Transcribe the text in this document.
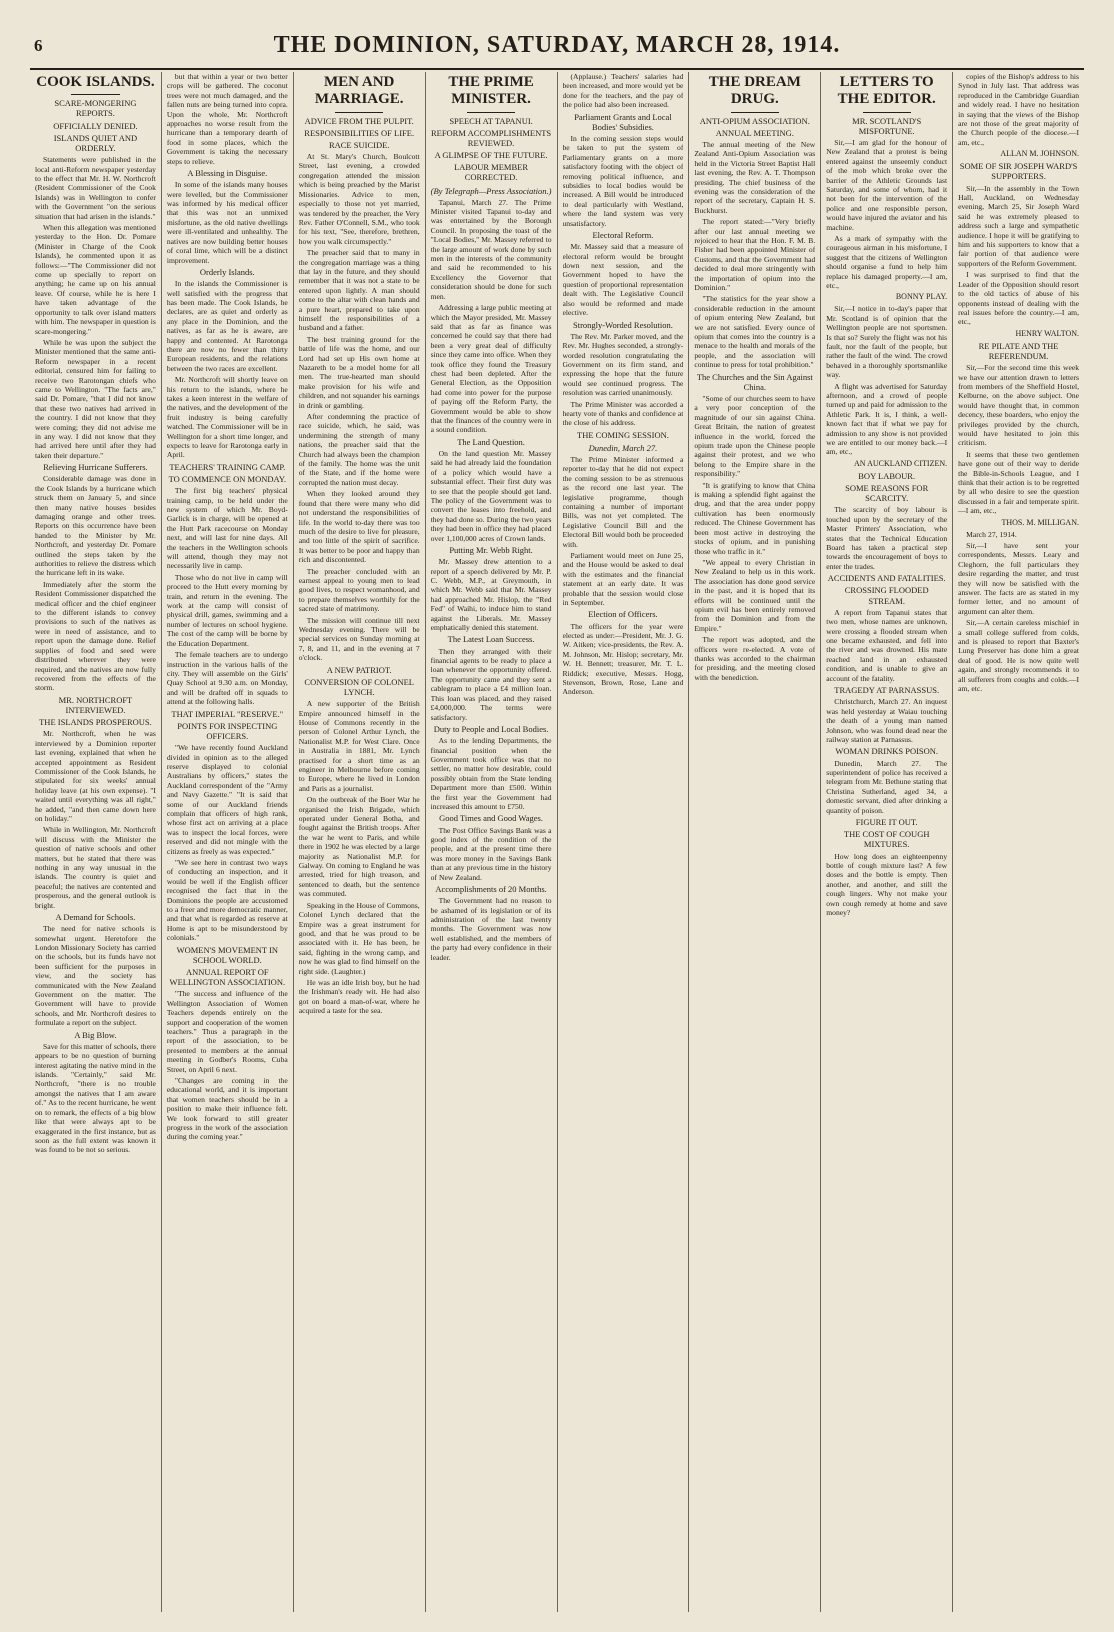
6	THE DOMINION, SATURDAY, MARCH 28, 1914.
COOK ISLANDS.
SCARE-MONGERING REPORTS.
OFFICIALLY DENIED.
ISLANDS QUIET AND ORDERLY.

Statements were published in the local anti-Reform newspaper yesterday to the effect that Mr. H. W. Northcroft (Resident Commissioner of the Cook Islands) was in Wellington to confer with the Government "on the serious situation that had arisen in the islands."

When this allegation was mentioned yesterday to the Hon. Dr. Pomare (Minister in Charge of the Cook Islands), he commented upon it as follows:—"The Commissioner did not come up specially to report on anything; he came up on his annual leave. Of course, while he is here I have taken advantage of the opportunity to talk over island matters with him. The newspaper in question is scare-mongering."

While he was upon the subject the Minister mentioned that the same anti-Reform newspaper in a recent editorial, censured him for failing to receive two Rarotongan chiefs who came to Wellington. "The facts are," said Dr. Pomare, "that I did not know that these two natives had arrived in the country. I did not know that they were coming; they did not advise me in any way. I did not know that they had arrived here until after they had taken their departure."

Relieving Hurricane Sufferers.

Considerable damage was done in the Cook Islands by a hurricane which struck them on January 5, and since then many native houses besides damaging orange and other trees. Reports on this occurrence have been handed to the Minister by Mr. Northcroft, and yesterday Dr. Pomare outlined the steps taken by the authorities to relieve the distress which the hurricane left in its wake.

Immediately after the storm the Resident Commissioner dispatched the medical officer and the chief engineer to the different islands to convey provisions to such of the natives as were in need of assistance, and to report upon the damage done. Relief supplies of food and seed were distributed wherever they were required, and the natives are now fully recovered from the effects of the storm.

MR. NORTHCROFT INTERVIEWED.
THE ISLANDS PROSPEROUS.

Mr. Northcroft, when he was interviewed by a Dominion reporter last evening, explained that when he accepted appointment as Resident Commissioner of the Cook Islands, he stipulated for six weeks' annual holiday leave (at his own expense). "I waited until everything was all right," he added, "and then came down here on holiday."

While in Wellington, Mr. Northcroft will discuss with the Minister the question of native schools and other matters, but he stated that there was nothing in any way unusual in the islands. The country is quiet and peaceful; the natives are contented and prosperous, and the general outlook is bright.

A Demand for Schools.

The need for native schools is somewhat urgent. Heretofore the London Missionary Society has carried on the schools, but its funds have not been sufficient for the purposes in view, and the society has communicated with the New Zealand Government on the matter. The Government will have to provide schools, and Mr. Northcroft desires to formulate a report on the subject.

A Big Blow.

Save for this matter of schools, there appears to be no question of burning interest agitating the native mind in the islands. "Certainly," said Mr. Northcroft, "there is no trouble amongst the natives that I am aware of." As to the recent hurricane, he went on to remark, the effects of a big blow like that were always apt to be exaggerated in the first instance, but as soon as the full extent was known it was found to be not so serious.

but that within a year or two better crops will be gathered. The coconut trees were not much damaged, and the fallen nuts are being turned into copra. Upon the whole, Mr. Northcroft approaches no worse result from the hurricane than a temporary dearth of food in some places, which the Government is taking the necessary steps to relieve.

A Blessing in Disguise.

In some of the islands many houses were levelled, but the Commissioner was informed by his medical officer that this was not an unmixed misfortune, as the old native dwellings were ill-ventilated and unhealthy. The natives are now building better houses of coral lime, which will be a distinct improvement.

Orderly Islands.

In the islands the Commissioner is well satisfied with the progress that has been made. The Cook Islands, he declares, are as quiet and orderly as any place in the Dominion, and the natives, as far as he is aware, are happy and contented. At Rarotonga there are now no fewer than thirty European residents, and the relations between the two races are excellent.

Mr. Northcroft will shortly leave on his return to the islands, where he takes a keen interest in the welfare of the natives, and the development of the fruit industry is being carefully watched. The Commissioner will be in Wellington for a short time longer, and expects to leave for Rarotonga early in April.

TEACHERS' TRAINING CAMP.
TO COMMENCE ON MONDAY.

The first big teachers' physical training camp, to be held under the new system of which Mr. Boyd-Garlick is in charge, will be opened at the Hutt Park racecourse on Monday next, and will last for nine days. All the teachers in the Wellington schools will attend, though they may not necessarily live in camp.

Those who do not live in camp will proceed to the Hutt every morning by train, and return in the evening. The work at the camp will consist of physical drill, games, swimming and a number of lectures on school hygiene. The cost of the camp will be borne by the Education Department.

The female teachers are to undergo instruction in the various halls of the city. They will assemble on the Girls' Quay School at 9.30 a.m. on Monday, and will be drafted off in squads to attend at the following halls.

THAT IMPERIAL "RESERVE."
POINTS FOR INSPECTING OFFICERS.

"We have recently found Auckland divided in opinion as to the alleged reserve displayed to colonial Australians by officers," states the Auckland correspondent of the "Army and Navy Gazette." "It is said that some of our Auckland friends complain that officers of high rank, whose first act on arriving at a place was to inspect the local forces, were reserved and did not mingle with the citizens as freely as was expected."

"We see here in contrast two ways of conducting an inspection, and it would be well if the English officer recognised the fact that in the Dominions the people are accustomed to a freer and more democratic manner, and that what is regarded as reserve at Home is apt to be misunderstood by colonials."

WOMEN'S MOVEMENT IN SCHOOL WORLD.
ANNUAL REPORT OF WELLINGTON ASSOCIATION.

"The success and influence of the Wellington Association of Women Teachers depends entirely on the support and cooperation of the women teachers." Thus a paragraph in the report of the association, to be presented to members at the annual meeting in Godber's Rooms, Cuba Street, on April 6 next.

"Changes are coming in the educational world, and it is important that women teachers should be in a position to make their influence felt. We look forward to still greater progress in the work of the association during the coming year."

MEN AND MARRIAGE.
ADVICE FROM THE PULPIT.
RESPONSIBILITIES OF LIFE.
RACE SUICIDE.

At St. Mary's Church, Boulcott Street, last evening, a crowded congregation attended the mission which is being preached by the Marist Missionaries. Advice to men, especially to those not yet married, was tendered by the preacher, the Very Rev. Father O'Connell, S.M., who took for his text, "See, therefore, brethren, how you walk circumspectly."

The preacher said that to many in the congregation marriage was a thing that lay in the future, and they should remember that it was not a state to be entered upon lightly. A man should come to the altar with clean hands and a pure heart, prepared to take upon himself the responsibilities of a husband and a father.

The best training ground for the battle of life was the home, and our Lord had set up His own home at Nazareth to be a model home for all men. The true-hearted man should make provision for his wife and children, and not squander his earnings in drink or gambling.

After condemning the practice of race suicide, which, he said, was undermining the strength of many nations, the preacher said that the Church had always been the champion of the family. The home was the unit of the State, and if the home were corrupted the nation must decay.

When they looked around they found that there were many who did not understand the responsibilities of life. In the world to-day there was too much of the desire to live for pleasure, and too little of the spirit of sacrifice. It was better to be poor and happy than rich and discontented.

The preacher concluded with an earnest appeal to young men to lead good lives, to respect womanhood, and to prepare themselves worthily for the sacred state of matrimony.

The mission will continue till next Wednesday evening. There will be special services on Sunday morning at 7, 8, and 11, and in the evening at 7 o'clock.

A NEW PATRIOT.
CONVERSION OF COLONEL LYNCH.

A new supporter of the British Empire announced himself in the House of Commons recently in the person of Colonel Arthur Lynch, the Nationalist M.P. for West Clare. Once in Australia in 1881, Mr. Lynch practised for a short time as an engineer in Melbourne before coming to Europe, where he lived in London and Paris as a journalist.

On the outbreak of the Boer War he organised the Irish Brigade, which operated under General Botha, and fought against the British troops. After the war he went to Paris, and while there in 1902 he was elected by a large majority as Nationalist M.P. for Galway. On coming to England he was arrested, tried for high treason, and sentenced to death, but the sentence was commuted.

Speaking in the House of Commons, Colonel Lynch declared that the Empire was a great instrument for good, and that he was proud to be associated with it. He has been, he said, fighting in the wrong camp, and now he was glad to find himself on the right side. (Laughter.)

He was an idle Irish boy, but he had the Irishman's ready wit. He had also got on board a man-of-war, where he acquired a taste for the sea.

THE PRIME MINISTER.
SPEECH AT TAPANUI.
REFORM ACCOMPLISHMENTS REVIEWED.
A GLIMPSE OF THE FUTURE.
LABOUR MEMBER CORRECTED.
(By Telegraph—Press Association.)

Tapanui, March 27. The Prime Minister visited Tapanui to-day and was entertained by the Borough Council. In proposing the toast of the "Local Bodies," Mr. Massey referred to the large amount of work done by such men in the interests of the community and said he recommended to his Excellency the Governor that consideration should be done for such men.

Addressing a large public meeting at which the Mayor presided, Mr. Massey said that as far as finance was concerned he could say that there had been a very great deal of difficulty since they came into office. When they took office they found the Treasury chest had been depleted. After the General Election, as the Opposition had come into power for the purpose of paying off the Reform Party, the Government would be able to show that the finances of the country were in a sound condition.

The Land Question.

On the land question Mr. Massey said he had already laid the foundation of a policy which would have a substantial effect. Their first duty was to see that the people should get land. The policy of the Government was to convert the leases into freehold, and they had done so. During the two years they had been in office they had placed over 1,100,000 acres of Crown lands.

Putting Mr. Webb Right.

Mr. Massey drew attention to a report of a speech delivered by Mr. P. C. Webb, M.P., at Greymouth, in which Mr. Webb said that Mr. Massey had approached Mr. Hislop, the "Red Fed" of Waihi, to induce him to stand against the Liberals. Mr. Massey emphatically denied this statement.

The Latest Loan Success.

Then they arranged with their financial agents to be ready to place a loan whenever the opportunity offered. The opportunity came and they sent a cablegram to place a £4 million loan. This loan was placed, and they raised £4,000,000. The terms were satisfactory.

Duty to People and Local Bodies.

As to the lending Departments, the financial position when the Government took office was that no settler, no matter how desirable, could possibly obtain from the State lending Department more than £500. Within the first year the Government had increased this amount to £750.

Good Times and Good Wages.

The Post Office Savings Bank was a good index of the condition of the people, and at the present time there was more money in the Savings Bank than at any previous time in the history of New Zealand.

Accomplishments of 20 Months.

The Government had no reason to be ashamed of its legislation or of its administration of the last twenty months. The Government was now well established, and the members of the party had every confidence in their leader.

(Applause.) Teachers' salaries had been increased, and more would yet be done for the teachers, and the pay of the police had also been increased.

Parliament Grants and Local Bodies' Subsidies.

In the coming session steps would be taken to put the system of Parliamentary grants on a more satisfactory footing with the object of removing political influence, and subsidies to local bodies would be increased. A Bill would be introduced to deal particularly with Westland, where the land system was very unsatisfactory.

Electoral Reform.

Mr. Massey said that a measure of electoral reform would be brought down next session, and the Government hoped to have the question of proportional representation dealt with. The Legislative Council also would be reformed and made elective.

Strongly-Worded Resolution.

The Rev. Mr. Parker moved, and the Rev. Mr. Hughes seconded, a strongly-worded resolution congratulating the Government on its firm stand, and expressing the hope that the future would see continued progress. The resolution was carried unanimously.

The Prime Minister was accorded a hearty vote of thanks and confidence at the close of his address.

THE COMING SESSION.
Dunedin, March 27.

The Prime Minister informed a reporter to-day that he did not expect the coming session to be as strenuous as the record one last year. The legislative programme, though containing a number of important Bills, was not yet completed. The Legislative Council Bill and the Electoral Bill would both be proceeded with.

Parliament would meet on June 25, and the House would be asked to deal with the estimates and the financial statement at an early date. It was probable that the session would close in September.

Election of Officers.

The officers for the year were elected as under:—President, Mr. J. G. W. Aitken; vice-presidents, the Rev. A. M. Johnson, Mr. Hislop; secretary, Mr. W. H. Bennett; treasurer, Mr. T. L. Riddick; executive, Messrs. Hogg, Stevenson, Brown, Rose, Lane and Anderson.

THE DREAM DRUG.
ANTI-OPIUM ASSOCIATION.
ANNUAL MEETING.

The annual meeting of the New Zealand Anti-Opium Association was held in the Victoria Street Baptist Hall last evening, the Rev. A. T. Thompson presiding. The chief business of the evening was the consideration of the report of the secretary, Captain H. S. Buckhurst.

The report stated:—"Very briefly after our last annual meeting we rejoiced to hear that the Hon. F. M. B. Fisher had been appointed Minister of Customs, and that the Government had decided to deal more stringently with the importation of opium into the Dominion."

"The statistics for the year show a considerable reduction in the amount of opium entering New Zealand, but we are not satisfied. Every ounce of opium that comes into the country is a menace to the health and morals of the people, and the association will continue to press for total prohibition."

The Churches and the Sin Against China.

"Some of our churches seem to have a very poor conception of the magnitude of our sin against China. Great Britain, the nation of greatest influence in the world, forced the opium trade upon the Chinese people against their protest, and we who belong to the Empire share in the responsibility."

"It is gratifying to know that China is making a splendid fight against the drug, and that the area under poppy cultivation has been enormously reduced. The Chinese Government has been most active in destroying the stocks of opium, and in punishing those who traffic in it."

"We appeal to every Christian in New Zealand to help us in this work. The association has done good service in the past, and it is hoped that its efforts will be continued until the opium evil has been entirely removed from the Dominion and from the Empire."

The report was adopted, and the officers were re-elected. A vote of thanks was accorded to the chairman for presiding, and the meeting closed with the benediction.

LETTERS TO THE EDITOR.
MR. SCOTLAND'S MISFORTUNE.

Sir,—I am glad for the honour of New Zealand that a protest is being entered against the unseemly conduct of the mob which broke over the barrier of the Athletic Grounds last Saturday, and some of whom, had it not been for the intervention of the police and one responsible person, would have injured the aviator and his machine.

As a mark of sympathy with the courageous airman in his misfortune, I suggest that the citizens of Wellington should organise a fund to help him replace his damaged property.—I am, etc.,

BONNY PLAY.

Sir,—I notice in to-day's paper that Mr. Scotland is of opinion that the Wellington people are not sportsmen. Is that so? Surely the flight was not his fault, nor the fault of the people, but rather the fault of the wind. The crowd behaved in a thoroughly sportsmanlike way.

A flight was advertised for Saturday afternoon, and a crowd of people turned up and paid for admission to the Athletic Park. It is, I think, a well-known fact that if what we pay for admission to any show is not provided we are entitled to our money back.—I am, etc.,

AN AUCKLAND CITIZEN.
BOY LABOUR.
SOME REASONS FOR SCARCITY.

The scarcity of boy labour is touched upon by the secretary of the Master Printers' Association, who states that the Technical Education Board has taken a practical step towards the encouragement of boys to enter the trades.

ACCIDENTS AND FATALITIES.
CROSSING FLOODED STREAM.

A report from Tapanui states that two men, whose names are unknown, were crossing a flooded stream when one became exhausted, and fell into the river and was drowned. His mate reached land in an exhausted condition, and is unable to give an account of the fatality.

TRAGEDY AT PARNASSUS.

Christchurch, March 27. An inquest was held yesterday at Waiau touching the death of a young man named Johnson, who was found dead near the railway station at Parnassus.

WOMAN DRINKS POISON.

Dunedin, March 27. The superintendent of police has received a telegram from Mr. Bethune stating that Christina Sutherland, aged 34, a domestic servant, died after drinking a quantity of poison.

FIGURE IT OUT.
THE COST OF COUGH MIXTURES.

How long does an eighteenpenny bottle of cough mixture last? A few doses and the bottle is empty. Then another, and another, and still the cough lingers. Why not make your own cough remedy at home and save money?

copies of the Bishop's address to his Synod in July last. That address was reproduced in the Cambridge Guardian and widely read. I have no hesitation in saying that the views of the Bishop are not those of the great majority of the Church people of the diocese.—I am, etc.,

ALLAN M. JOHNSON.
SOME OF SIR JOSEPH WARD'S SUPPORTERS.

Sir,—In the assembly in the Town Hall, Auckland, on Wednesday evening, March 25, Sir Joseph Ward said he was extremely pleased to address such a large and sympathetic audience. I hope it will be gratifying to him and his supporters to know that a fair portion of that audience were supporters of the Reform Government.

I was surprised to find that the Leader of the Opposition should resort to the old tactics of abuse of his opponents instead of dealing with the real issues before the country.—I am, etc.,

HENRY WALTON.
RE PILATE AND THE REFERENDUM.

Sir,—For the second time this week we have our attention drawn to letters from members of the Sheffield Hostel, Kelburne, on the above subject. One would have thought that, in common decency, these boarders, who enjoy the privileges provided by the church, would have hesitated to join this criticism.

It seems that these two gentlemen have gone out of their way to deride the Bible-in-Schools League, and I think that their action is to be regretted by all who desire to see the question discussed in a fair and temperate spirit.—I am, etc.,

THOS. M. MILLIGAN.

March 27, 1914.

Sir,—I have sent your correspondents, Messrs. Leary and Cleghorn, the full particulars they desire regarding the matter, and trust they will now be satisfied with the answer. The facts are as stated in my former letter, and no amount of argument can alter them.

Sir,—A certain careless mischief in a small college suffered from colds, and is pleased to report that Baxter's Lung Preserver has done him a great deal of good. He is now quite well again, and strongly recommends it to all sufferers from coughs and colds.—I am, etc.
